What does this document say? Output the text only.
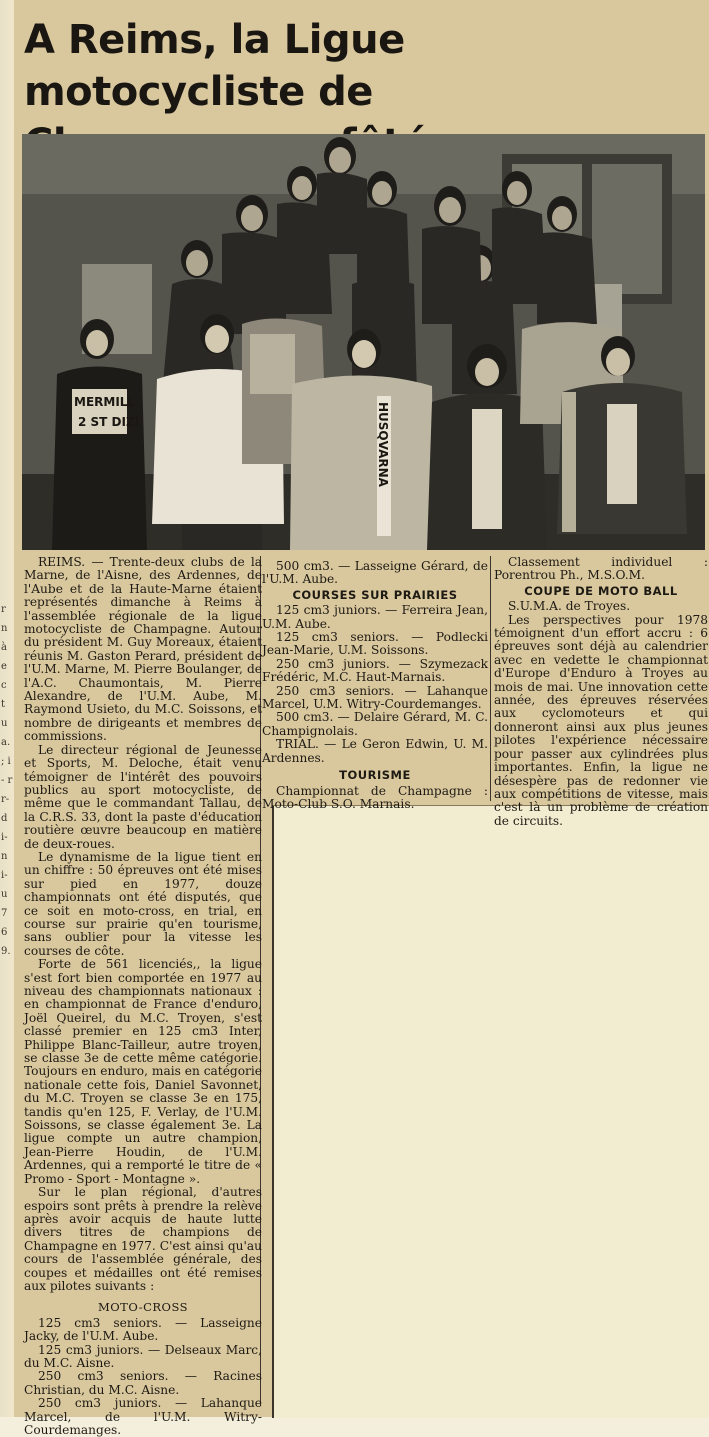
r n à e c t u a. ; i- r r- d i- n i- u 76 9.
A Reims, la Ligue motocycliste de
MERMILL
2 ST DIZI	HUSQVARNA

REIMS. — Trente-deux clubs de la Marne, de l'Aisne, des Ardennes, de l'Aube et de la Haute-Marne étaient représentés dimanche à Reims à l'assemblée régionale de la ligue motocycliste de Champagne. Autour du président M. Guy Moreaux, étaient réunis M. Gaston Perard, président de l'U.M. Marne, M. Pierre Boulanger, de l'A.C. Chaumontais, M. Pierre Alexandre, de l'U.M. Aube, M. Raymond Usieto, du M.C. Soissons, et nombre de dirigeants et membres de commissions.

Le directeur régional de Jeunesse et Sports, M. Deloche, était venu témoigner de l'intérêt des pouvoirs publics au sport motocycliste, de même que le commandant Tallau, de la C.R.S. 33, dont la paste d'éducation routière œuvre beaucoup en matière de deux-roues.

Le dynamisme de la ligue tient en un chiffre : 50 épreuves ont été mises sur pied en 1977, douze championnats ont été disputés, que ce soit en moto-cross, en trial, en course sur prairie qu'en tourisme, sans oublier pour la vitesse les courses de côte.

Forte de 561 licenciés,, la ligue s'est fort bien comportée en 1977 au niveau des championnats nationaux : en championnat de France d'enduro, Joël Queirel, du M.C. Troyen, s'est classé premier en 125 cm3 Inter, Philippe Blanc-Tailleur, autre troyen, se classe 3e de cette même catégorie. Toujours en enduro, mais en catégorie nationale cette fois, Daniel Savonnet, du M.C. Troyen se classe 3e en 175, tandis qu'en 125, F. Verlay, de l'U.M. Soissons, se classe également 3e. La ligue compte un autre champion, Jean-Pierre Houdin, de l'U.M. Ardennes, qui a remporté le titre de « Promo - Sport - Montagne ».

Sur le plan régional, d'autres espoirs sont prêts à prendre la relève après avoir acquis de haute lutte divers titres de champions de Champagne en 1977. C'est ainsi qu'au cours de l'assemblée générale, des coupes et médailles ont été remises aux pilotes suivants :

MOTO-CROSS

125 cm3 seniors. — Lasseigne Jacky, de l'U.M. Aube.

125 cm3 juniors. — Delseaux Marc, du M.C. Aisne.

250 cm3 seniors. — Racines Christian, du M.C. Aisne.

250 cm3 juniors. — Lahanque Marcel, de l'U.M. Witry-Courdemanges.

500 cm3. — Lasseigne Gérard, de l'U.M. Aube.

COURSES SUR PRAIRIES

125 cm3 juniors. — Ferreira Jean, U.M. Aube.

125 cm3 seniors. — Podlecki Jean-Marie, U.M. Soissons.

250 cm3 juniors. — Szymezack Frédéric, M.C. Haut-Marnais.

250 cm3 seniors. — Lahanque Marcel, U.M. Witry-Courdemanges.

500 cm3. — Delaire Gérard, M. C. Champignolais.

TRIAL. — Le Geron Edwin, U. M. Ardennes.

TOURISME

Championnat de Champagne : Moto-Club S.O. Marnais.

Classement individuel : Porentrou Ph., M.S.O.M.

COUPE DE MOTO BALL

S.U.M.A. de Troyes.

Les perspectives pour 1978 témoignent d'un effort accru : 6 épreuves sont déjà au calendrier avec en vedette le championnat d'Europe d'Enduro à Troyes au mois de mai. Une innovation cette année, des épreuves réservées aux cyclomoteurs et qui donneront ainsi aux plus jeunes pilotes l'expérience nécessaire pour passer aux cylindrées plus importantes. Enfin, la ligue ne désespère pas de redonner vie aux compétitions de vitesse, mais c'est là un problème de création de circuits.
